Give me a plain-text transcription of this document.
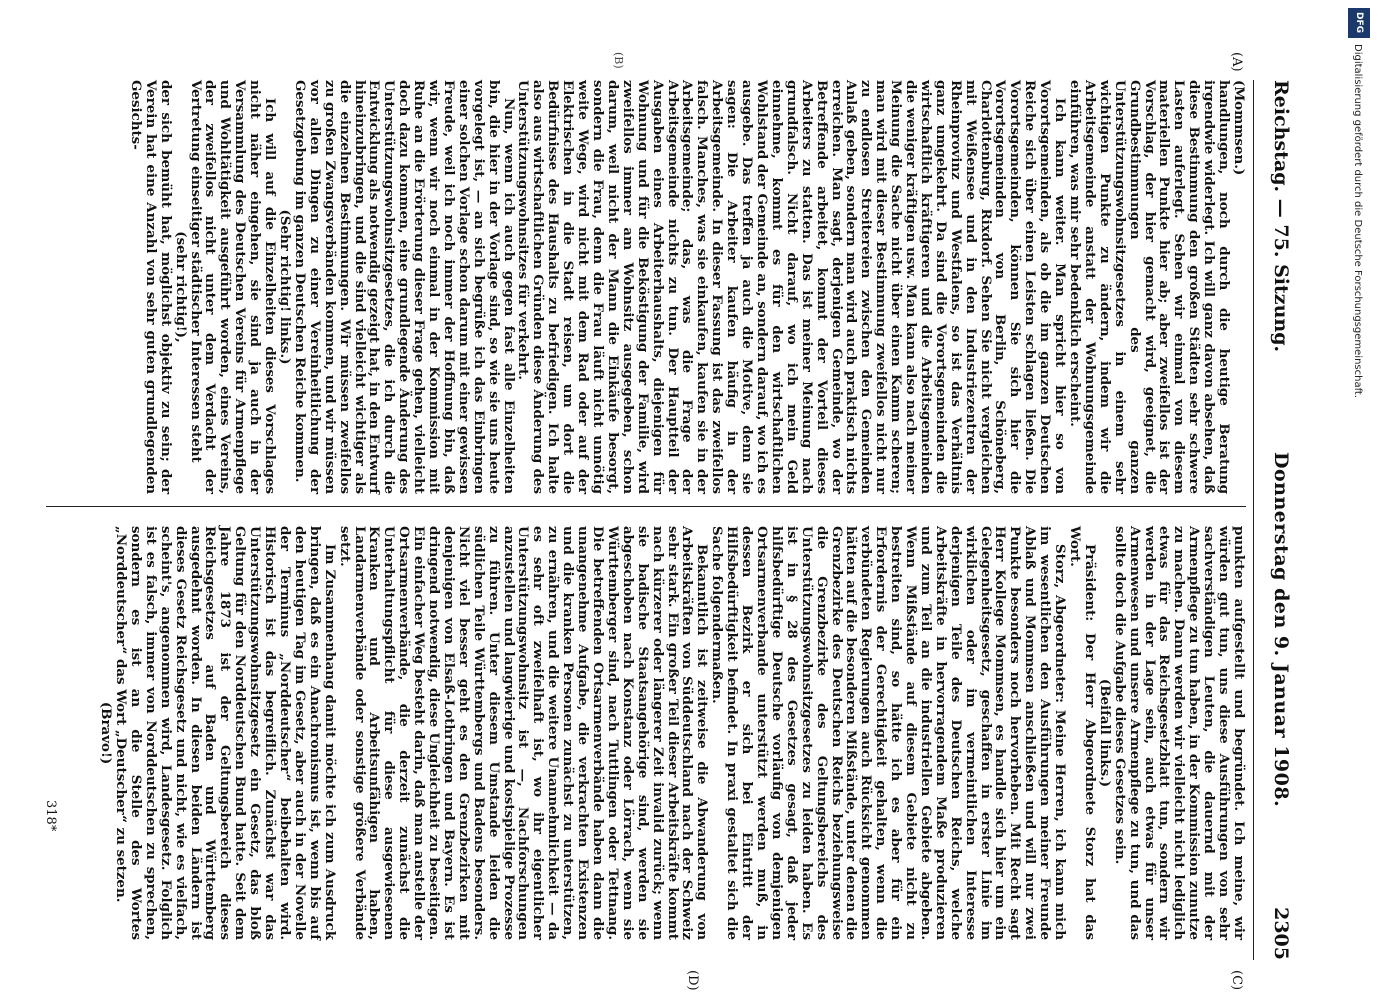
Reichstag. — 75. Sitzung.
Donnerstag den 9. Januar 1908.
2305
(A)
(B)
(C)
(D)

(Mommsen.)

handlungen, noch durch die heutige Beratung irgendwie widerlegt. Ich will ganz davon absehen, daß diese Bestimmung den großen Städten sehr schwere Lasten auferlegt. Sehen wir einmal von diesem materiellen Punkte hier ab; aber zweifellos ist der Vorschlag, der hier gemacht wird, geeignet, die Grundbestimmungen des ganzen Unterstützungswohnsitzgesetzes in einem sehr wichtigen Punkte zu ändern, indem wir die Arbeitsgemeinde anstatt der Wohnungsgemeinde einführen, was mir sehr bedenklich erscheint.

Ich kann weiter. Man spricht hier so von Vorortsgemeinden, als ob die im ganzen Deutschen Reiche sich über einen Leisten schlagen ließen. Die Vorortsgemeinden, können Sie sich hier die Vorortsgemeinden von Berlin, Schöneberg, Charlottenburg, Rixdorf. Sehen Sie nicht vergleichen mit Weißensee und in den Industriezentren der Rheinprovinz und Westfalens, so ist das Verhältnis ganz umgekehrt. Da sind die Vorortsgemeinden die wirtschaftlich kräftigeren und die Arbeitsgemeinden die weniger kräftigen usw. Man kann also nach meiner Meinung die Sache nicht über einen Kamm scheren; man wird mit dieser Bestimmung zweifellos nicht nur zu endlosen Streitereien zwischen den Gemeinden Anlaß geben, sondern man wird auch praktisch nichts erreichen. Man sagt, derjenigen Gemeinde, wo der Betreffende arbeitet, kommt der Vorteil dieses Arbeiters zu statten. Das ist meiner Meinung nach grundfalsch. Nicht darauf, wo ich mein Geld einnehme, kommt es für den wirtschaftlichen Wohlstand der Gemeinde an, sondern darauf, wo ich es ausgebe. Das treffen ja auch die Motive, denn sie sagen: Die Arbeiter kaufen häufig in der Arbeitsgemeinde. In dieser Fassung ist das zweifellos falsch. Manches, was sie einkaufen, kaufen sie in der Arbeitsgemeinde; das, was die Frage der Arbeitsgemeinde nichts zu tun. Der Hauptteil der Ausgaben eines Arbeiterhaushalts, diejenigen für Wohnung und für die Beköstigung der Familie, wird zweifellos immer am Wohnsitz ausgegeben, schon darum, weil nicht der Mann die Einkäufe besorgt, sondern die Frau, denn die Frau läuft nicht unnötig weite Wege, wird nicht mit dem Rad oder auf der Elektrischen in die Stadt reisen, um dort die Bedürfnisse des Haushalts zu befriedigen. Ich halte also aus wirtschaftlichen Gründen diese Änderung des Unterstützungswohnsitzes für verkehrt.

Nun, wenn ich auch gegen fast alle Einzelheiten bin, die hier in der Vorlage sind, so wie sie uns heute vorgelegt ist, — an sich begrüße ich das Einbringen einer solchen Vorlage schon darum mit einer gewissen Freude, weil ich noch immer der Hoffnung bin, daß wir, wenn wir noch einmal in der Kommission mit Ruhe an die Erörterung dieser Frage gehen, vielleicht doch dazu kommen, eine grundlegende Änderung des Unterstützungswohnsitzgesetzes, die ich durch die Entwicklung als notwendig gezeigt hat, in den Entwurf hineinzubringen, und die sind vielleicht wichtiger als die einzelnen Bestimmungen. Wir müssen zweifellos zu großen Zwangsverbänden kommen, und wir müssen vor allen Dingen zu einer Vereinheitlichung der Gesetzgebung im ganzen Deutschen Reiche kommen.

(Sehr richtig! links.)

Ich will auf die Einzelheiten dieses Vorschlages nicht näher eingehen, sie sind ja auch in der Versammlung des Deutschen Vereins für Armenpflege und Wohltätigkeit ausgeführt worden, eines Vereins, der zweifellos nicht unter dem Verdacht der Vertretung einseitiger städtischer Interessen steht

(sehr richtig!),

der sich bemüht hat, möglichst objektiv zu sein; der Verein hat eine Anzahl von sehr guten grundlegenden Gesichts-

punkten aufgestellt und begründet. Ich meine, wir würden gut tun, uns diese Ausführungen von sehr sachverständigen Leuten, die dauernd mit der Armenpflege zu tun haben, in der Kommission zunutze zu machen. Dann werden wir vielleicht nicht lediglich etwas für das Reichsgesetzblatt tun, sondern wir werden in der Lage sein, auch etwas für unser Armenwesen und unsere Armenpflege zu tun, und das sollte doch die Aufgabe dieses Gesetzes sein.

(Beifall links.)

Präsident: Der Herr Abgeordnete Storz hat das Wort.

Storz, Abgeordneter: Meine Herren, ich kann mich im wesentlichen den Ausführungen meiner Freunde Ablaß und Mommsen anschließen und will nur zwei Punkte besonders noch hervorheben. Mit Recht sagt Herr Kollege Mommsen, es handle sich hier um ein Gelegenheitsgesetz, geschaffen in erster Linie im wirklichen oder im vermeintlichen Interesse derjenigen Teile des Deutschen Reichs, welche Arbeitskräfte in hervorragendem Maße produzieren und zum Teil an die industriellen Gebiete abgeben. Wenn Mißstände auf diesem Gebiete nicht zu bestreiten sind, so hätte ich es aber für ein Erfordernis der Gerechtigkeit gehalten, wenn die verbündeten Regierungen auch Rücksicht genommen hätten auf die besonderen Mißstände, unter denen die Grenzbezirke des Deutschen Reichs beziehungsweise die Grenzbezirke des Geltungsbereichs des Unterstützungswohnsitzgesetzes zu leiden haben. Es ist in § 28 des Gesetzes gesagt, daß jeder hilfsbedürftige Deutsche vorläufig von demjenigen Ortsarmenverbande unterstützt werden muß, in dessen Bezirk er sich bei Eintritt der Hilfsbedürftigkeit befindet. In praxi gestaltet sich die Sache folgendermaßen.

Bekanntlich ist zeitweise die Abwanderung von Arbeitskräften von Süddeutschland nach der Schweiz sehr stark. Ein großer Teil dieser Arbeitskräfte kommt nach kürzerer oder längerer Zeit invalid zurück; wenn sie badische Staatsangehörige sind, werden sie abgeschoben nach Konstanz oder Lörrach, wenn sie Württemberger sind, nach Tuttlingen oder Tettnang. Die betreffenden Ortsarmenverbände haben dann die unangenehme Aufgabe, die verkrachten Existenzen und die kranken Personen zunächst zu unterstützen, zu ernähren, und die weitere Unannehmlichkeit — da es sehr oft zweifelhaft ist, wo ihr eigentlicher Unterstützungswohnsitz ist —, Nachforschungen anzustellen und langwierige und kostspielige Prozesse zu führen. Unter diesem Umstande leiden die südlichen Teile Württembergs und Badens besonders. Nicht viel besser geht es den Grenzbezirken mit denjenigen von Elsaß-Lothringen und Bayern. Es ist dringend notwendig, diese Ungleichheit zu beseitigen. Ein einfacher Weg besteht darin, daß man anstelle der Ortsarmenverbände, die derzeit zunächst die Unterhaltungspflicht für diese ausgewiesenen Kranken und Arbeitsunfähigen haben, Landarmenverbände oder sonstige größere Verbände setzt.

Im Zusammenhang damit möchte ich zum Ausdruck bringen, daß es ein Anachronismus ist, wenn bis auf den heutigen Tag im Gesetz, aber auch in der Novelle der Terminus „Norddeutscher“ beibehalten wird. Historisch ist das begreiflich. Zunächst war das Unterstützungswohnsitzgesetz ein Gesetz, das bloß Geltung für den Norddeutschen Bund hatte. Seit dem Jahre 1873 ist der Geltungsbereich dieses Reichsgesetzes auf Baden und Württemberg ausgedehnt worden. In diesen beiden Ländern ist dieses Gesetz Reichsgesetz und nicht, wie es vielfach, scheint's, angenommen wird, Landesgesetz. Folglich ist es falsch, immer von Norddeutschen zu sprechen, sondern es ist an die Stelle des Wortes „Norddeutscher“ das Wort „Deutscher“ zu setzen.

(Bravo!)

318*
DFG
Digitalisierung gefördert durch die Deutsche Forschungsgemeinschaft.
